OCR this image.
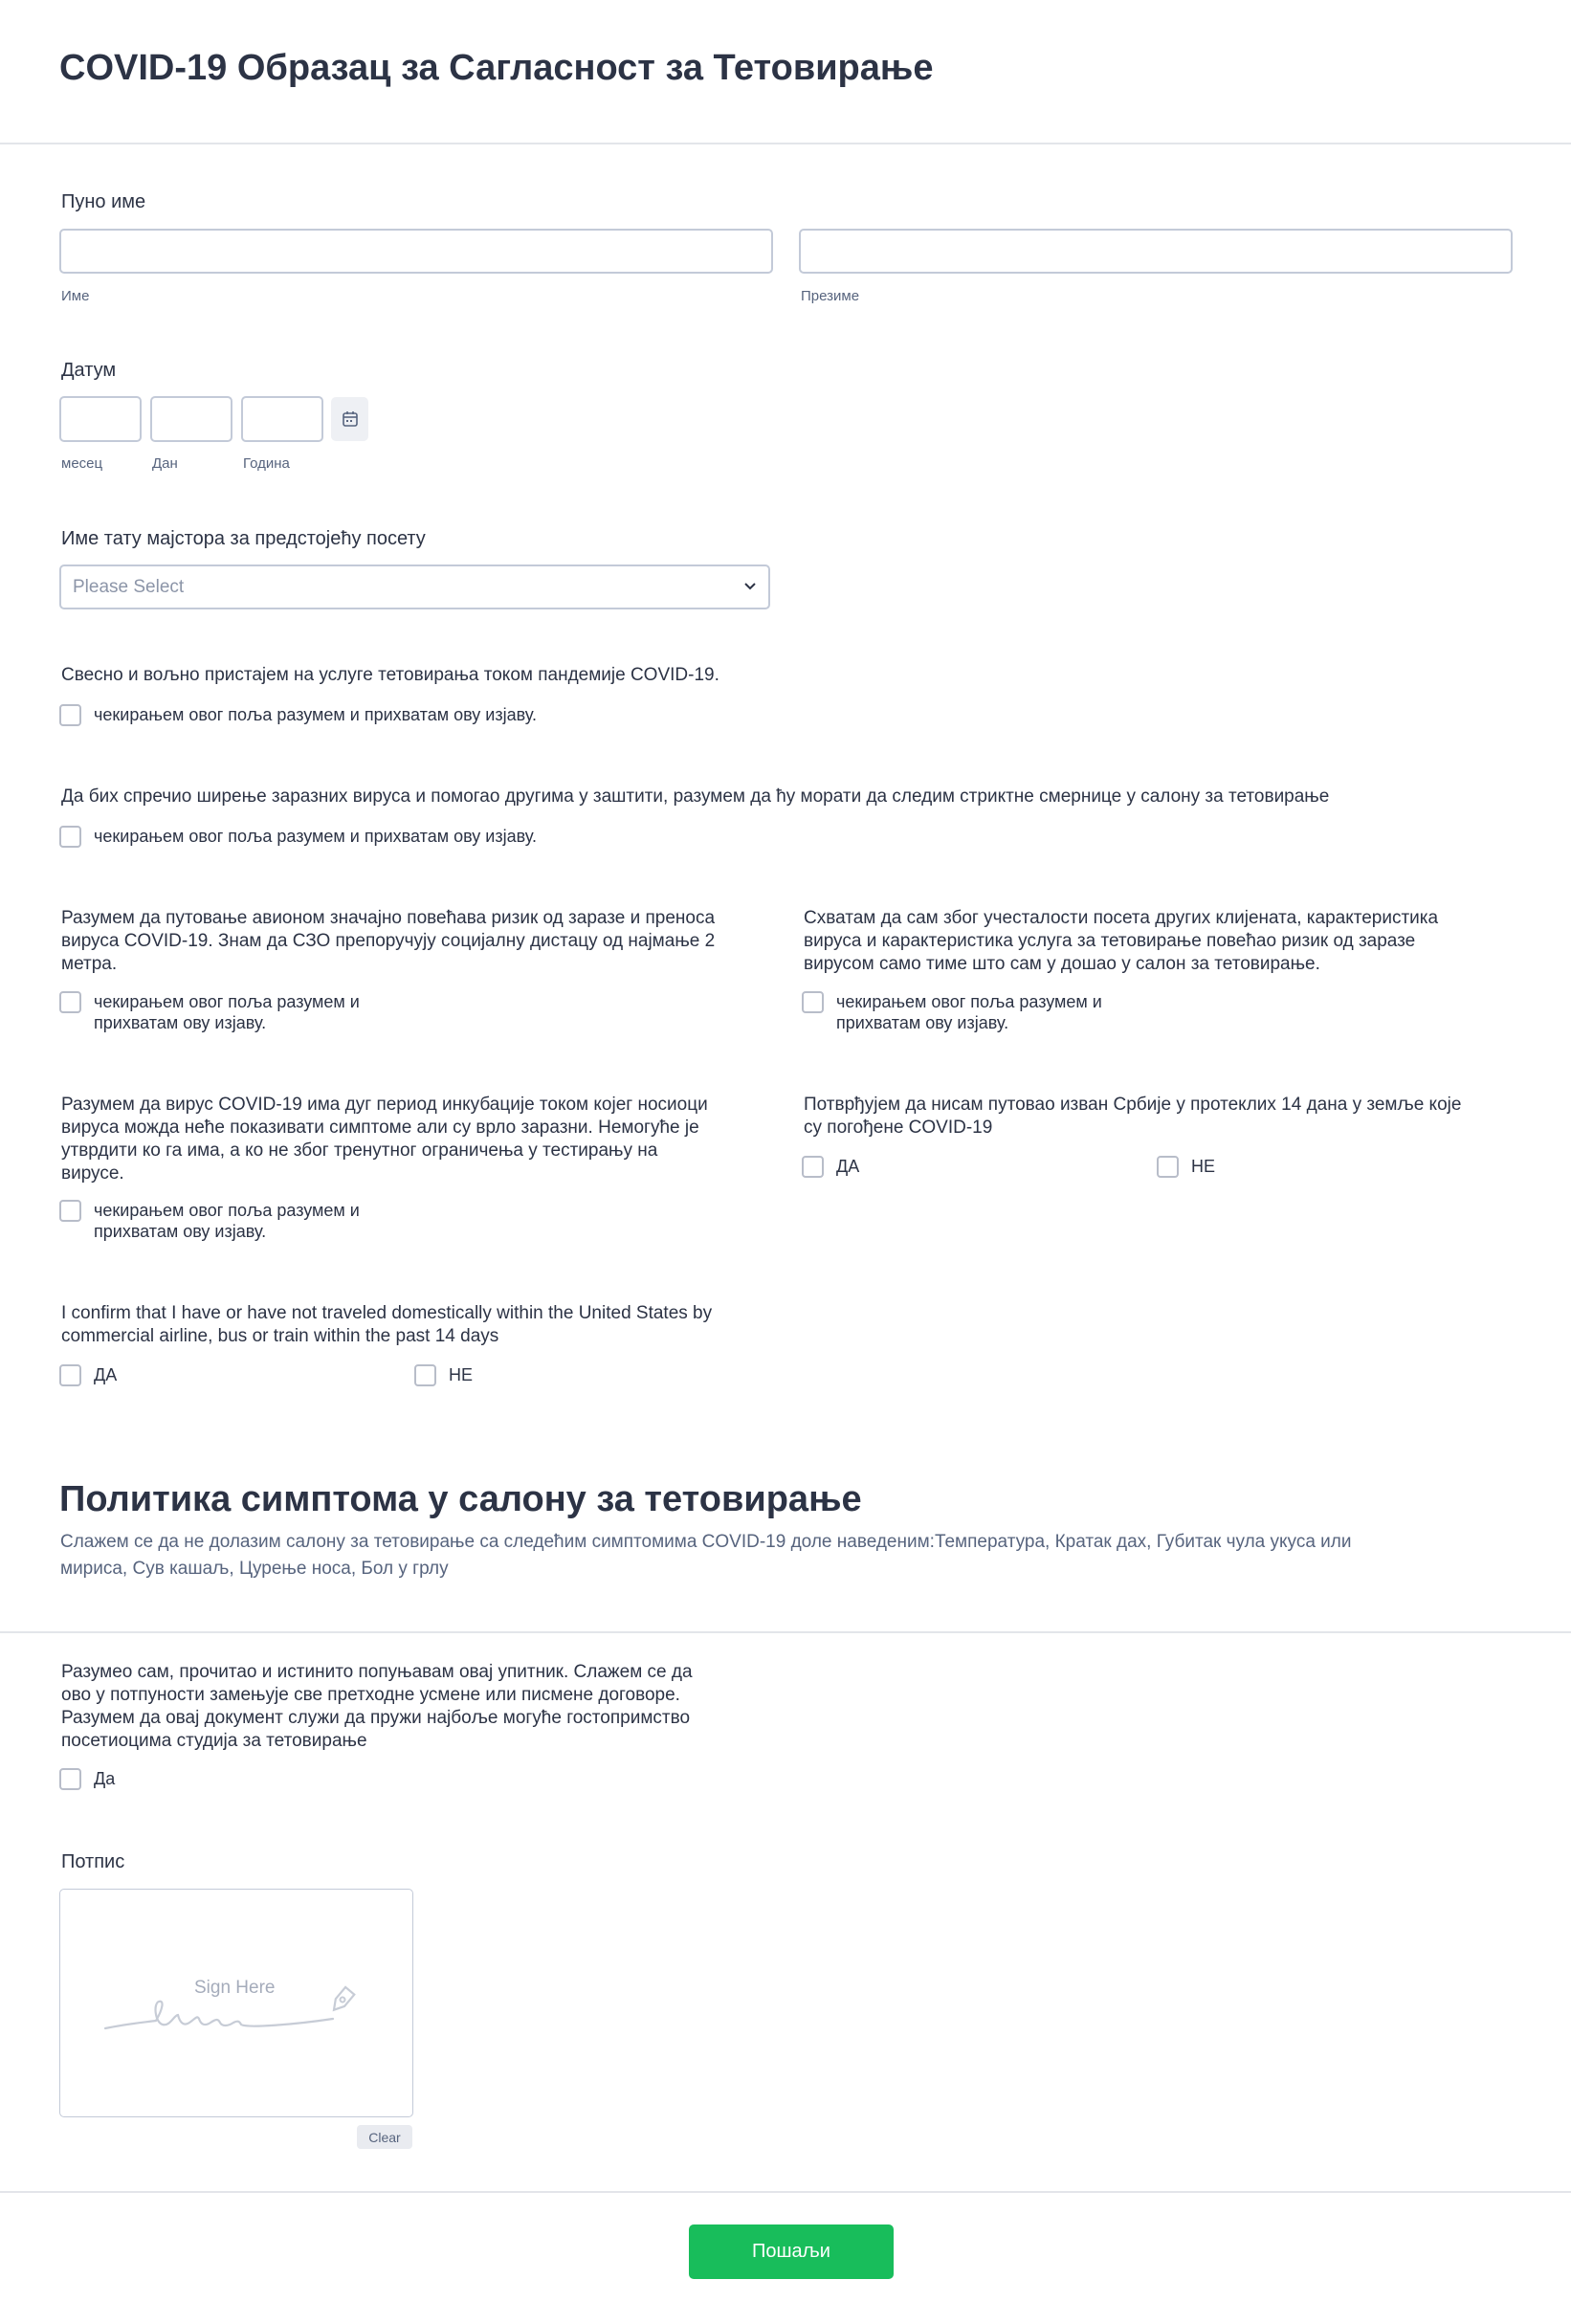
COVID-19 Образац за Сагласност за Тетовирање
Пуно име
Име	Презиме
Датум
месец	Дан	Година
Име тату мајстора за предстојећу посету
Please Select
Свесно и вољно пристајем на услуге тетовирања током пандемије COVID-19.
чекирањем овог поља разумем и прихватам ову изјаву.
Да бих спречио ширење заразних вируса и помогао другима у заштити, разумем да ћу морати да следим стриктне смернице у салону за тетовирање
чекирањем овог поља разумем и прихватам ову изјаву.
Разумем да путовање авионом значајно повећава ризик од заразе и преноса
вируса COVID-19. Знам да СЗО препоручују социјалну дистацу од најмање 2
метра.
чекирањем овог поља разумем и
прихватам ову изјаву.
Схватам да сам због учесталости посета других клијената, карактеристика
вируса и карактеристика услуга за тетовирање повећао ризик од заразе
вирусом само тиме што сам у дошао у салон за тетовирање.
чекирањем овог поља разумем и
прихватам ову изјаву.
Разумем да вирус COVID-19 има дуг период инкубације током којег носиоци
вируса можда неће показивати симптоме али су врло заразни. Немогуће је
утврдити ко га има, а ко не због тренутног ограничења у тестирању на
вирусе.
чекирањем овог поља разумем и
прихватам ову изјаву.
Потврђујем да нисам путовао изван Србије у протеклих 14 дана у земље које
су погођене COVID-19
ДА	НЕ
I confirm that I have or have not traveled domestically within the United States by
commercial airline, bus or train within the past 14 days
ДА	НЕ
Политика симптома у салону за тетовирање
Слажем се да не долазим салону за тетовирање са следећим симптомима COVID-19 доле наведеним:Температура, Кратак дах, Губитак чула укуса или
мириса, Сув кашаљ, Цурење носа, Бол у грлу
Разумео сам, прочитао и истинито попуњавам овај упитник. Слажем се да
ово у потпуности замењује све претходне усмене или писмене договоре.
Разумем да овај документ служи да пружи најбоље могуће гостопримство
посетиоцима студија за тетовирање
Да
Потпис
Sign Here
Clear
Пошаљи
